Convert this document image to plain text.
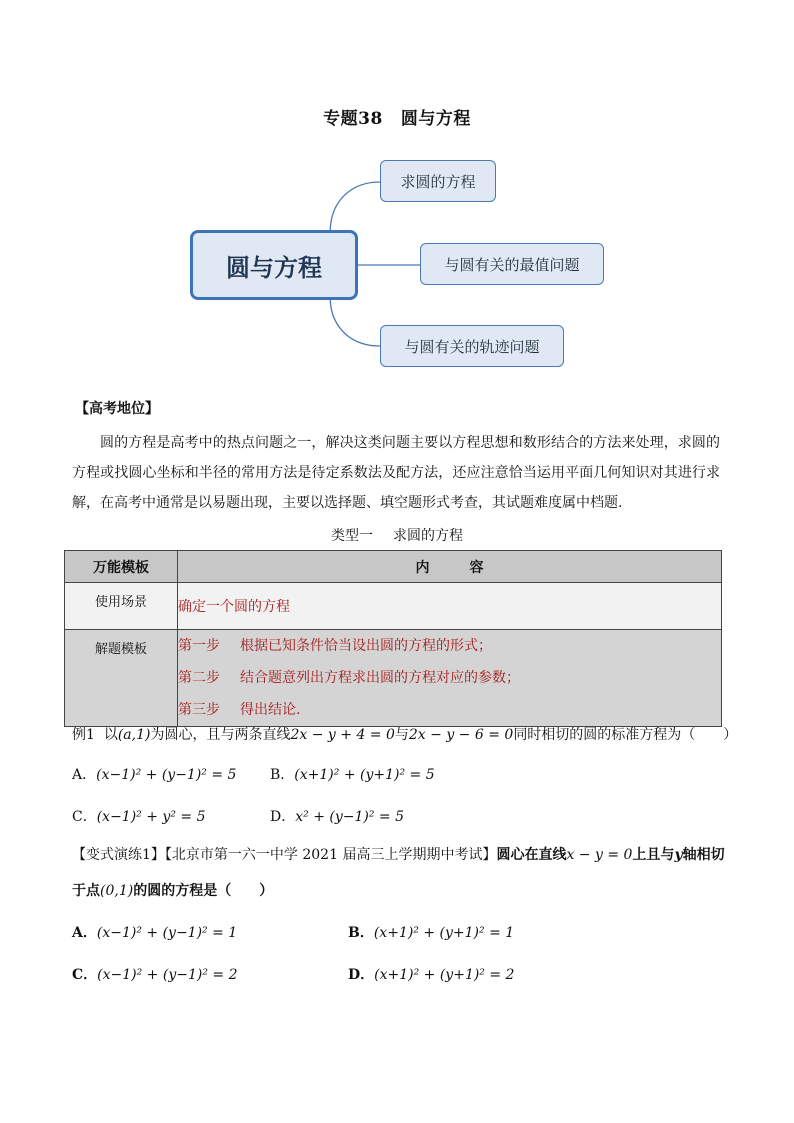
专题38 圆与方程
圆与方程
求圆的方程
与圆有关的最值问题
与圆有关的轨迹问题
【高考地位】
圆的方程是高考中的热点问题之一，解决这类问题主要以方程思想和数形结合的方法来处理，求圆的方程或找圆心坐标和半径的常用方法是待定系数法及配方法，还应注意恰当运用平面几何知识对其进行求解，在高考中通常是以易题出现，主要以选择题、填空题形式考查，其试题难度属中档题.
类型一 求圆的方程
万能模板	内容
使用场景	确定一个圆的方程
解题模板	第一步 根据已知条件恰当设出圆的方程的形式；
第二步 结合题意列出方程求出圆的方程对应的参数；
第三步 得出结论.
例1 以(a,1)为圆心，且与两条直线2x − y + 4 = 0与2x − y − 6 = 0同时相切的圆的标准方程为（　　）
A．(x−1)² + (y−1)² = 5 B．(x+1)² + (y+1)² = 5
C．(x−1)² + y² = 5	D．x² + (y−1)² = 5
【变式演练1】【北京市第一六一中学 2021 届高三上学期期中考试】圆心在直线x − y = 0上且与y轴相切
于点(0,1)的圆的方程是（　　）
A．(x−1)² + (y−1)² = 1	B．(x+1)² + (y+1)² = 1
C．(x−1)² + (y−1)² = 2	D．(x+1)² + (y+1)² = 2
